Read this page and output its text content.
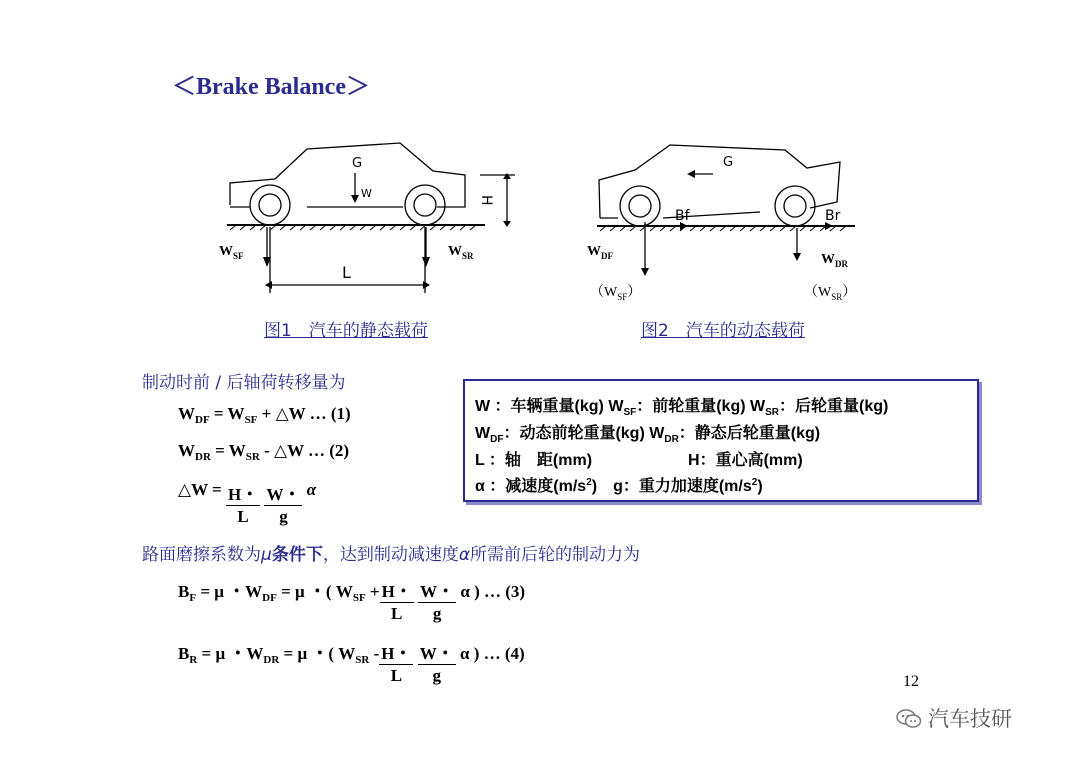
＜Brake Balance＞
G
W
H
L
$W_{SF}$	$W_{SR}$
图1　汽车的静态载荷
G
Bf	Br
$W_{DF}$	$W_{DR}$
$(W_{SF})$	$(W_{SR})$
图2　汽车的动态载荷
制动时前 / 后轴荷转移量为
$W_{DF} = W_{SF}$ + △W … (1)
$W_{DR} = W_{SR}$ - △W … (2)
△W = $\frac{H・}{L}$
$\frac{W・}{g}$ α
W ：车辆重量(kg) $W_{SF}$：前轮重量(kg) $W_{SR}$：后轮重量(kg)
$W_{DF}$：动态前轮重量(kg) $W_{DR}$：静态后轮重量(kg)
L ：轴　距(mm)	H：重心高(mm)
α ：减速度$(m/s^2)$　g：重力加速度$(m/s^2)$
路面磨擦系数为μ条件下，达到制动减速度α所需前后轮的制动力为
$B_F = \mu$ ・$W_{DF} = \mu$ ・( $W_{SF} + \frac{H・}{L}$
$\frac{W・}{g}$ α ) … (3)
$B_R = \mu$ ・$W_{DR} = \mu$ ・( $W_{SR} - \frac{H・}{L}$
$\frac{W・}{g}$ α ) … (4)
12
汽车技研
